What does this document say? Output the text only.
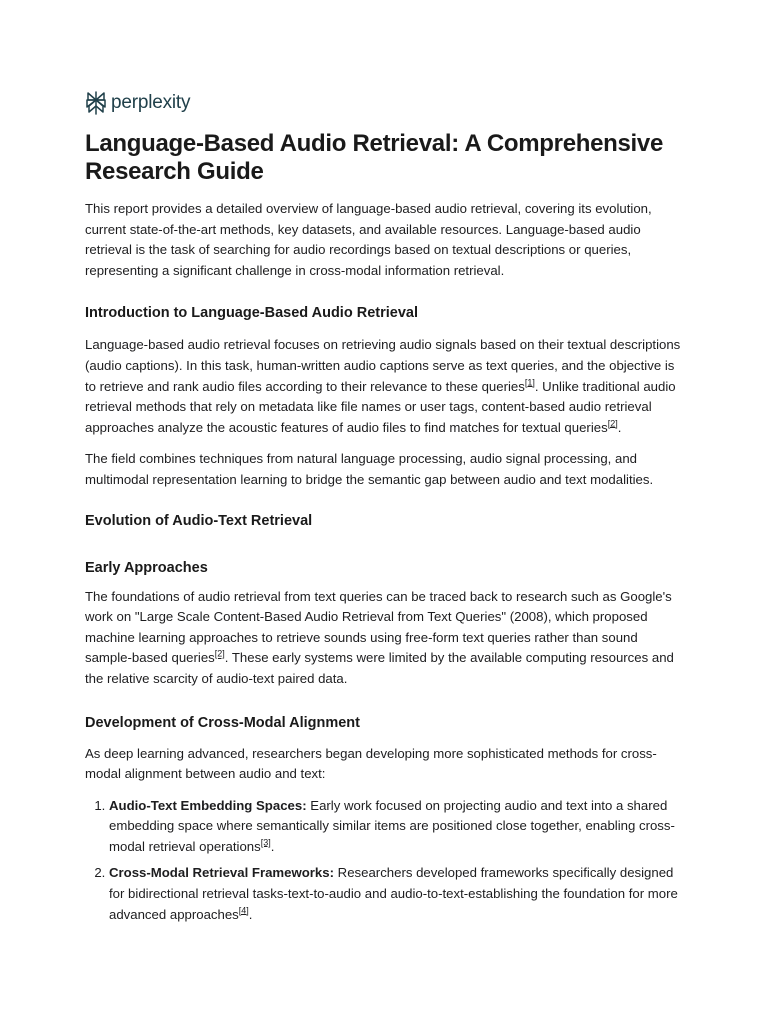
perplexity
Language-Based Audio Retrieval: A Comprehensive Research Guide

This report provides a detailed overview of language-based audio retrieval, covering its evolution, current state-of-the-art methods, key datasets, and available resources. Language-based audio retrieval is the task of searching for audio recordings based on textual descriptions or queries, representing a significant challenge in cross-modal information retrieval.

Introduction to Language-Based Audio Retrieval

Language-based audio retrieval focuses on retrieving audio signals based on their textual descriptions (audio captions). In this task, human-written audio captions serve as text queries, and the objective is to retrieve and rank audio files according to their relevance to these queries[1]. Unlike traditional audio retrieval methods that rely on metadata like file names or user tags, content-based audio retrieval approaches analyze the acoustic features of audio files to find matches for textual queries[2].

The field combines techniques from natural language processing, audio signal processing, and multimodal representation learning to bridge the semantic gap between audio and text modalities.

Evolution of Audio-Text Retrieval
Early Approaches

The foundations of audio retrieval from text queries can be traced back to research such as Google's work on "Large Scale Content-Based Audio Retrieval from Text Queries" (2008), which proposed machine learning approaches to retrieve sounds using free-form text queries rather than sound sample-based queries[2]. These early systems were limited by the available computing resources and the relative scarcity of audio-text paired data.

Development of Cross-Modal Alignment

As deep learning advanced, researchers began developing more sophisticated methods for cross-modal alignment between audio and text:

1. Audio-Text Embedding Spaces: Early work focused on projecting audio and text into a shared embedding space where semantically similar items are positioned close together, enabling cross-modal retrieval operations[3].
2. Cross-Modal Retrieval Frameworks: Researchers developed frameworks specifically designed for bidirectional retrieval tasks-text-to-audio and audio-to-text-establishing the foundation for more advanced approaches[4].
